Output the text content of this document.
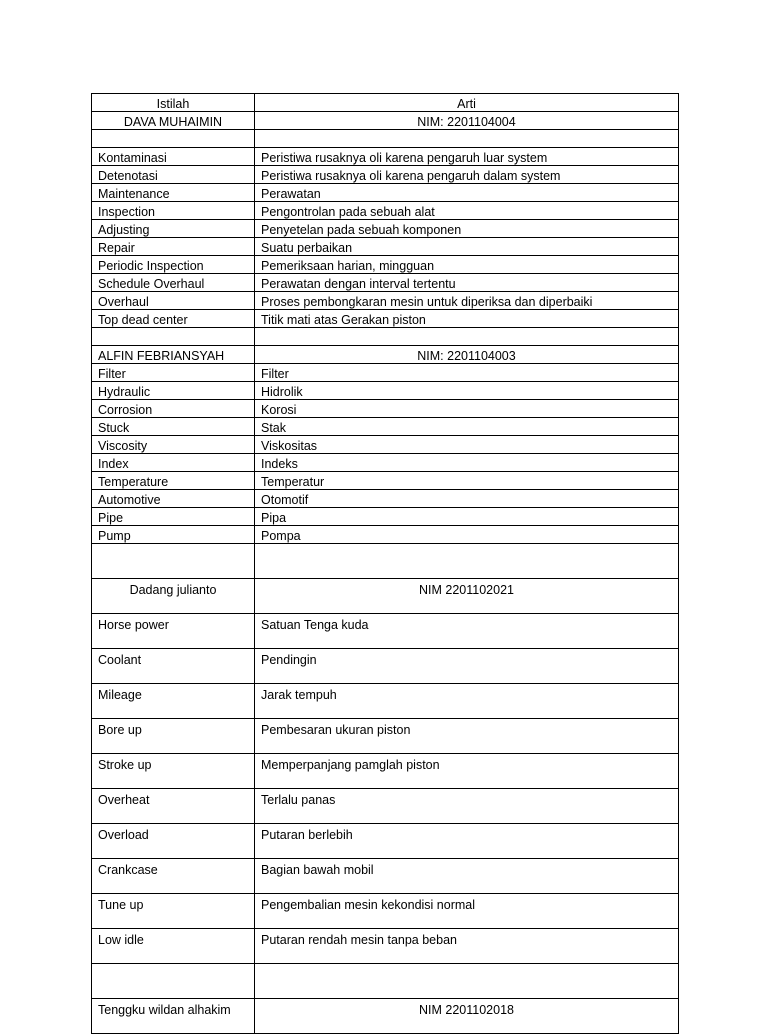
Istilah	Arti
DAVA MUHAIMIN	NIM: 2201104004

Kontaminasi	Peristiwa rusaknya oli karena pengaruh luar system
Detenotasi	Peristiwa rusaknya oli karena pengaruh dalam system
Maintenance	Perawatan
Inspection	Pengontrolan pada sebuah alat
Adjusting	Penyetelan pada sebuah komponen
Repair	Suatu perbaikan
Periodic Inspection	Pemeriksaan harian, mingguan
Schedule Overhaul	Perawatan dengan interval tertentu
Overhaul	Proses pembongkaran mesin untuk diperiksa dan diperbaiki
Top dead center	Titik mati atas Gerakan piston

ALFIN FEBRIANSYAH	NIM: 2201104003
Filter	Filter
Hydraulic	Hidrolik
Corrosion	Korosi
Stuck	Stak
Viscosity	Viskositas
Index	Indeks
Temperature	Temperatur
Automotive	Otomotif
Pipe	Pipa
Pump	Pompa

Dadang julianto	NIM 2201102021
Horse power	Satuan Tenga kuda
Coolant	Pendingin
Mileage	Jarak tempuh
Bore up	Pembesaran ukuran piston
Stroke up	Memperpanjang pamglah piston
Overheat	Terlalu panas
Overload	Putaran berlebih
Crankcase	Bagian bawah mobil
Tune up	Pengembalian mesin kekondisi normal
Low idle	Putaran rendah mesin tanpa beban

Tenggku wildan alhakim	NIM 2201102018
